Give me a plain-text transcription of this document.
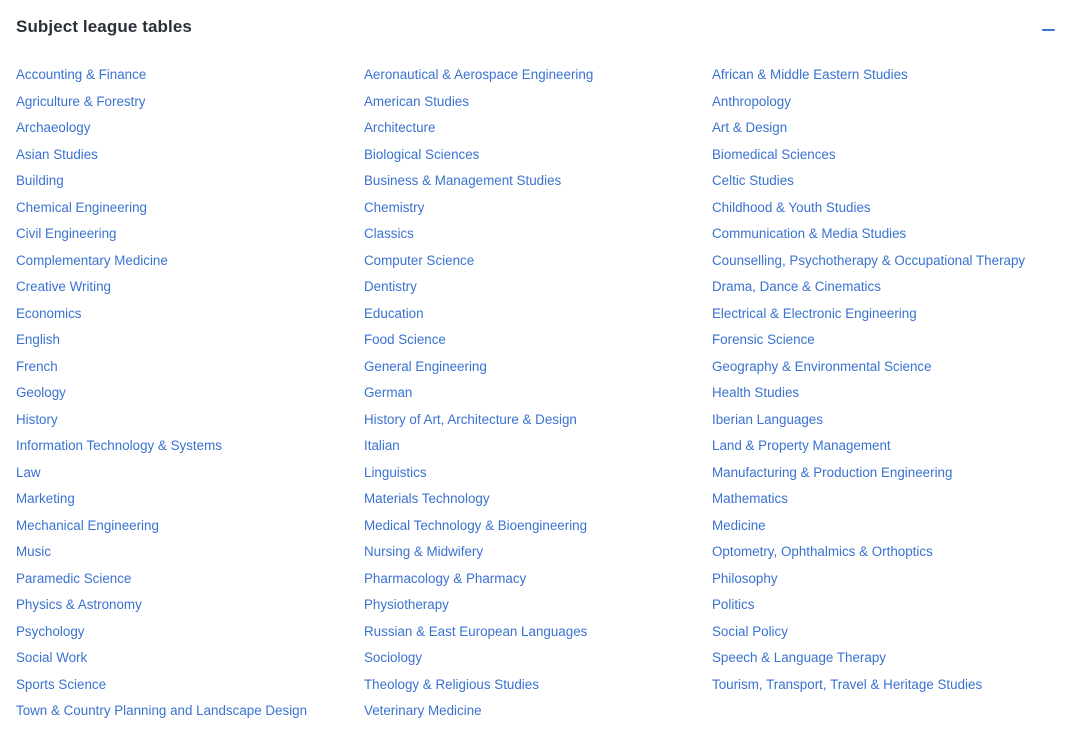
Subject league tables
Accounting & Finance
Agriculture & Forestry
Archaeology
Asian Studies
Building
Chemical Engineering
Civil Engineering
Complementary Medicine
Creative Writing
Economics
English
French
Geology
History
Information Technology & Systems
Law
Marketing
Mechanical Engineering
Music
Paramedic Science
Physics & Astronomy
Psychology
Social Work
Sports Science
Town & Country Planning and Landscape Design
Aeronautical & Aerospace Engineering
American Studies
Architecture
Biological Sciences
Business & Management Studies
Chemistry
Classics
Computer Science
Dentistry
Education
Food Science
General Engineering
German
History of Art, Architecture & Design
Italian
Linguistics
Materials Technology
Medical Technology & Bioengineering
Nursing & Midwifery
Pharmacology & Pharmacy
Physiotherapy
Russian & East European Languages
Sociology
Theology & Religious Studies
Veterinary Medicine
African & Middle Eastern Studies
Anthropology
Art & Design
Biomedical Sciences
Celtic Studies
Childhood & Youth Studies
Communication & Media Studies
Counselling, Psychotherapy & Occupational Therapy
Drama, Dance & Cinematics
Electrical & Electronic Engineering
Forensic Science
Geography & Environmental Science
Health Studies
Iberian Languages
Land & Property Management
Manufacturing & Production Engineering
Mathematics
Medicine
Optometry, Ophthalmics & Orthoptics
Philosophy
Politics
Social Policy
Speech & Language Therapy
Tourism, Transport, Travel & Heritage Studies
